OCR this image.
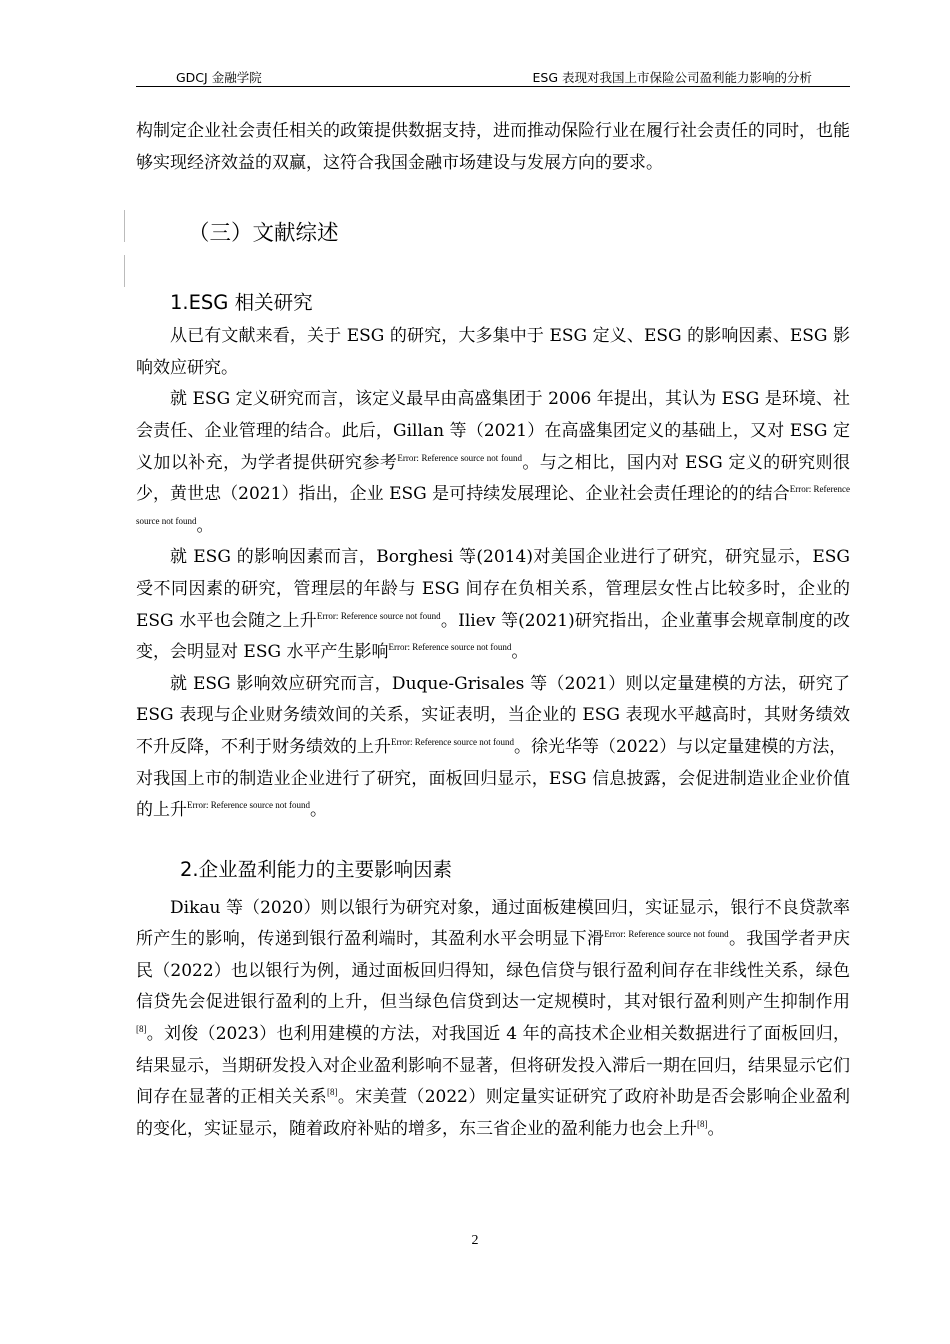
GDCJ 金融学院	ESG 表现对我国上市保险公司盈利能力影响的分析

构制定企业社会责任相关的政策提供数据支持，进而推动保险行业在履行社会责任的同时，也能够实现经济效益的双赢，这符合我国金融市场建设与发展方向的要求。

（三）文献综述
1.ESG 相关研究

从已有文献来看，关于 ESG 的研究，大多集中于 ESG 定义、ESG 的影响因素、ESG 影响效应研究。

就 ESG 定义研究而言，该定义最早由高盛集团于 2006 年提出，其认为 ESG 是环境、社会责任、企业管理的结合。此后，Gillan 等（2021）在高盛集团定义的基础上，又对 ESG 定义加以补充，为学者提供研究参考$^{Error: Reference source not found}$。与之相比，国内对 ESG 定义的研究则很少，黄世忠（2021）指出，企业 ESG 是可持续发展理论、企业社会责任理论的的结合$^{Error: Reference source not found}$。

就 ESG 的影响因素而言，Borghesi 等(2014)对美国企业进行了研究，研究显示，ESG 受不同因素的研究，管理层的年龄与 ESG 间存在负相关系，管理层女性占比较多时，企业的 ESG 水平也会随之上升$^{Error: Reference source not found}$。Iliev 等(2021)研究指出，企业董事会规章制度的改变，会明显对 ESG 水平产生影响$^{Error: Reference source not found}$。

就 ESG 影响效应研究而言，Duque-Grisales 等（2021）则以定量建模的方法，研究了 ESG 表现与企业财务绩效间的关系，实证表明，当企业的 ESG 表现水平越高时，其财务绩效不升反降，不利于财务绩效的上升$^{Error: Reference source not found}$。徐光华等（2022）与以定量建模的方法，

对我国上市的制造业企业进行了研究，面板回归显示，ESG 信息披露，会促进制造业企业价值的上升$^{Error: Reference source not found}$。

2.企业盈利能力的主要影响因素

Dikau 等（2020）则以银行为研究对象，通过面板建模回归，实证显示，银行不良贷款率所产生的影响，传递到银行盈利端时，其盈利水平会明显下滑$^{Error: Reference source not found}$。我国学者尹庆民（2022）也以银行为例，通过面板回归得知，绿色信贷与银行盈利间存在非线性关系，绿色信贷先会促进银行盈利的上升，但当绿色信贷到达一定规模时，其对银行盈利则产生抑制作用[8]。刘俊（2023）也利用建模的方法，对我国近 4 年的高技术企业相关数据进行了面板回归，结果显示，当期研发投入对企业盈利影响不显著，但将研发投入滞后一期在回归，结果显示它们间存在显著的正相关关系[8]。宋美萱（2022）则定量实证研究了政府补助是否会影响企业盈利的变化，实证显示，随着政府补贴的增多，东三省企业的盈利能力也会上升[8]。

2
